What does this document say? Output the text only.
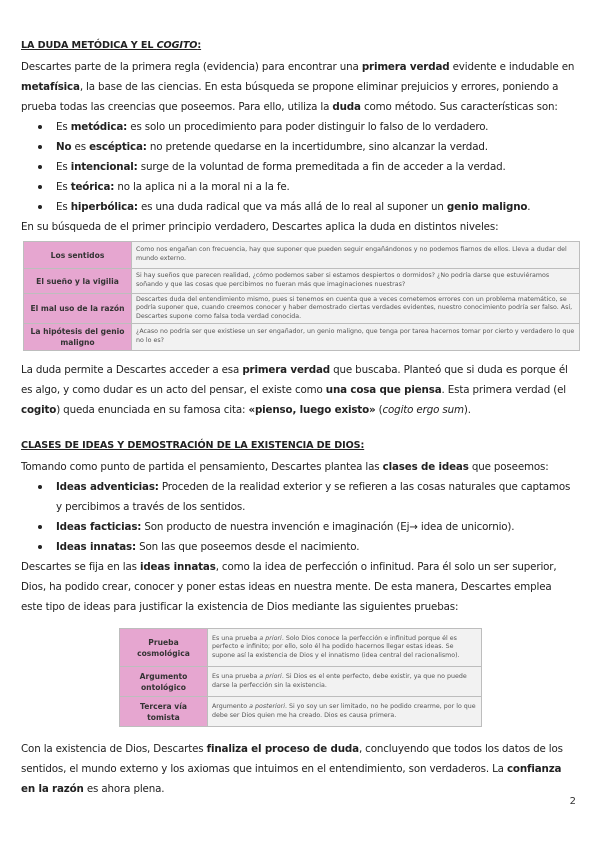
LA DUDA METÓDICA Y EL COGITO:

Descartes parte de la primera regla (evidencia) para encontrar una primera verdad evidente e indudable en metafísica, la base de las ciencias. En esta búsqueda se propone eliminar prejuicios y errores, poniendo a prueba todas las creencias que poseemos. Para ello, utiliza la duda como método. Sus características son:

Es metódica: es solo un procedimiento para poder distinguir lo falso de lo verdadero.
No es escéptica: no pretende quedarse en la incertidumbre, sino alcanzar la verdad.
Es intencional: surge de la voluntad de forma premeditada a fin de acceder a la verdad.
Es teórica: no la aplica ni a la moral ni a la fe.
Es hiperbólica: es una duda radical que va más allá de lo real al suponer un genio maligno.

En su búsqueda de el primer principio verdadero, Descartes aplica la duda en distintos niveles:

Los sentidos	Como nos engañan con frecuencia, hay que suponer que pueden seguir engañándonos y no podemos fiarnos de ellos. Lleva a dudar del mundo externo.
El sueño y la vigilia	Si hay sueños que parecen realidad, ¿cómo podemos saber si estamos despiertos o dormidos? ¿No podría darse que estuviéramos soñando y que las cosas que percibimos no fueran más que imaginaciones nuestras?
El mal uso de la razón	Descartes duda del entendimiento mismo, pues si tenemos en cuenta que a veces cometemos errores con un problema matemático, se podría suponer que, cuando creemos conocer y haber demostrado ciertas verdades evidentes, nuestro conocimiento podría ser falso. Así, Descartes supone como falsa toda verdad conocida.
La hipótesis del genio maligno	¿Acaso no podría ser que existiese un ser engañador, un genio maligno, que tenga por tarea hacernos tomar por cierto y verdadero lo que no lo es?

La duda permite a Descartes acceder a esa primera verdad que buscaba. Planteó que si duda es porque él es algo, y como dudar es un acto del pensar, el existe como una cosa que piensa. Esta primera verdad (el cogito) queda enunciada en su famosa cita: «pienso, luego existo» (cogito ergo sum).

CLASES DE IDEAS Y DEMOSTRACIÓN DE LA EXISTENCIA DE DIOS:

Tomando como punto de partida el pensamiento, Descartes plantea las clases de ideas que poseemos:

Ideas adventicias: Proceden de la realidad exterior y se refieren a las cosas naturales que captamos y percibimos a través de los sentidos.
Ideas facticias: Son producto de nuestra invención e imaginación (Ej→ idea de unicornio).
Ideas innatas: Son las que poseemos desde el nacimiento.

Descartes se fija en las ideas innatas, como la idea de perfección o infinitud. Para él solo un ser superior, Dios, ha podido crear, conocer y poner estas ideas en nuestra mente. De esta manera, Descartes emplea este tipo de ideas para justificar la existencia de Dios mediante las siguientes pruebas:

Prueba cosmológica	Es una prueba a priori. Solo Dios conoce la perfección e infinitud porque él es perfecto e infinito; por ello, solo él ha podido hacernos llegar estas ideas. Se supone así la existencia de Dios y el innatismo (idea central del racionalismo).
Argumento ontológico	Es una prueba a priori. Si Dios es el ente perfecto, debe existir, ya que no puede darse la perfección sin la existencia.
Tercera vía tomista	Argumento a posteriori. Si yo soy un ser limitado, no he podido crearme, por lo que debe ser Dios quien me ha creado. Dios es causa primera.

Con la existencia de Dios, Descartes finaliza el proceso de duda, concluyendo que todos los datos de los sentidos, el mundo externo y los axiomas que intuimos en el entendimiento, son verdaderos. La confianza en la razón es ahora plena.

2
